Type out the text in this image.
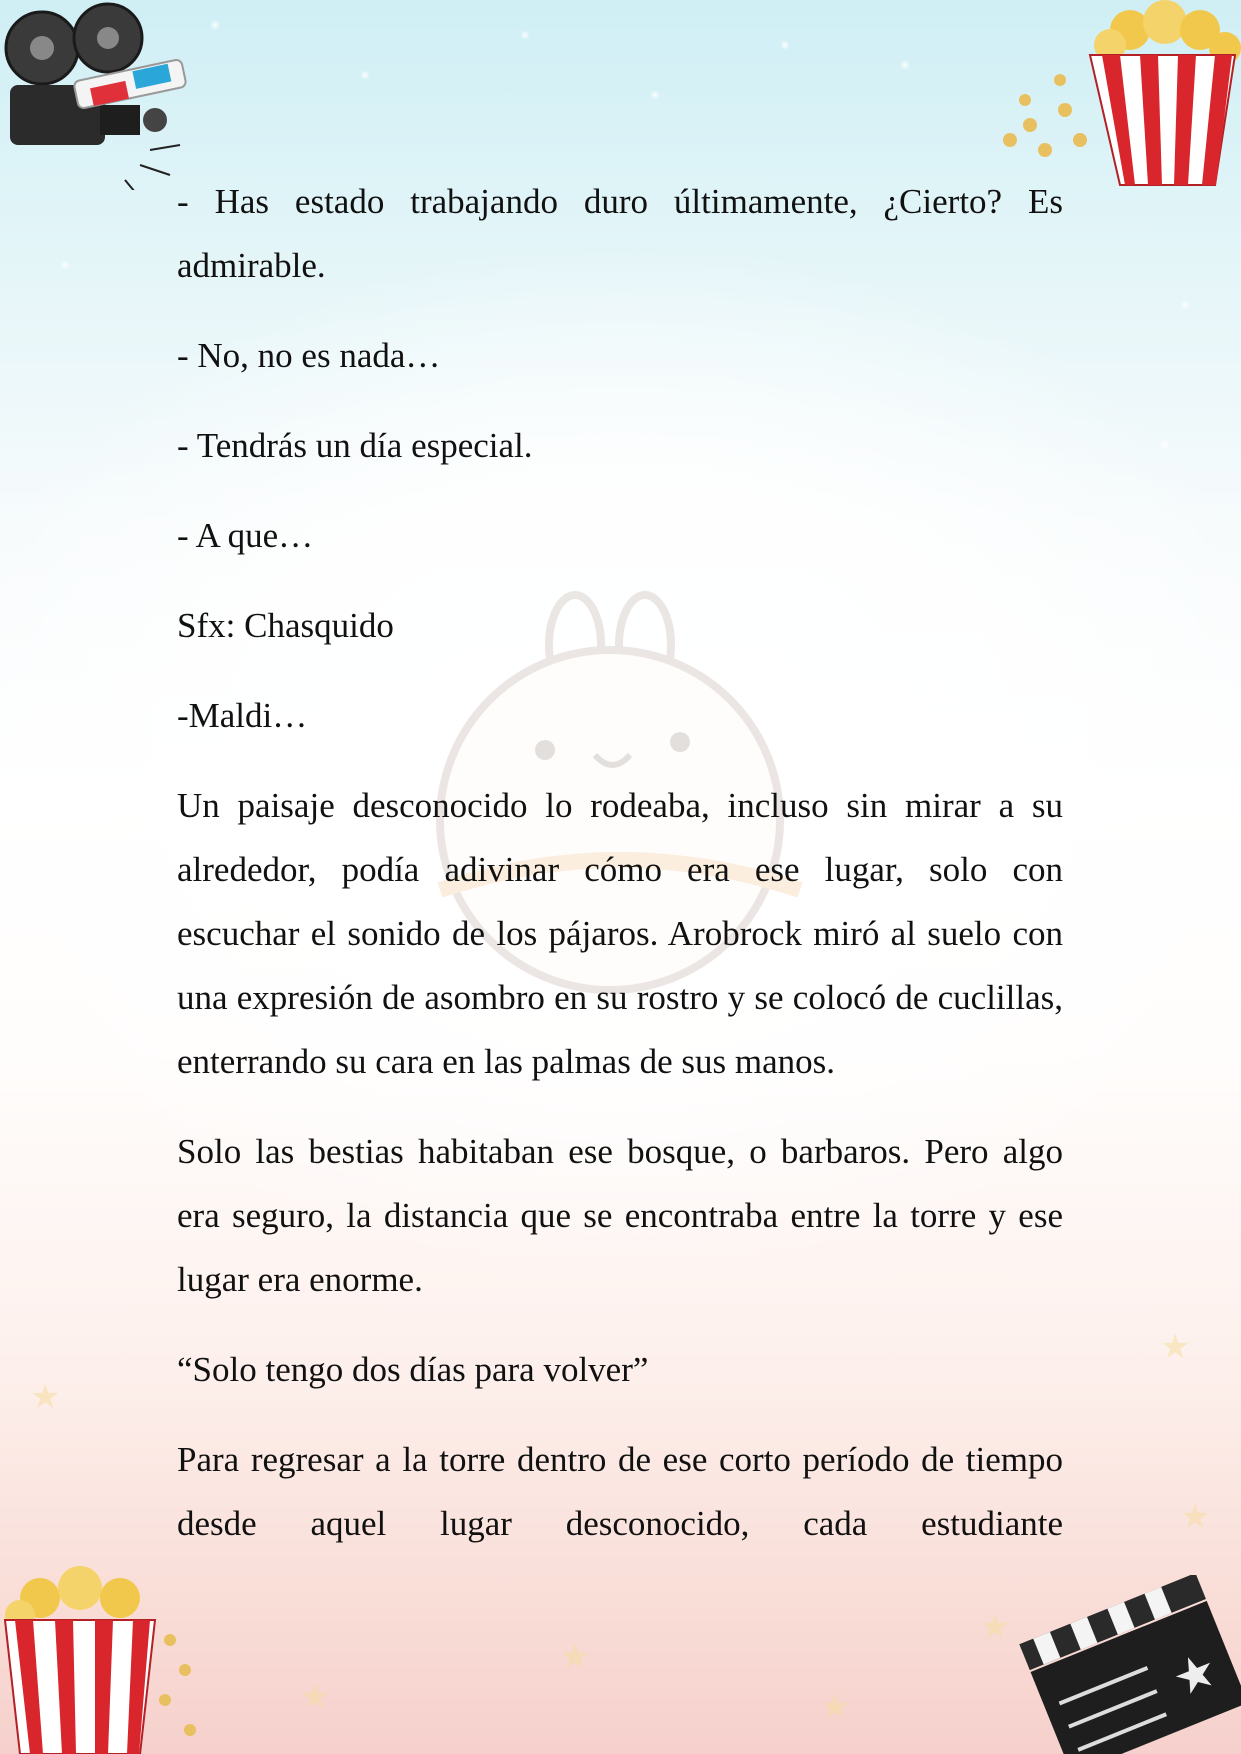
★
★
★
★
★
★
★
★

- Has estado trabajando duro últimamente, ¿Cierto? Es admirable.

- No, no es nada…

- Tendrás un día especial.

- A que…

Sfx: Chasquido

-Maldi…

Un paisaje desconocido lo rodeaba, incluso sin mirar a su alrededor, podía adivinar cómo era ese lugar, solo con escuchar el sonido de los pájaros. Arobrock miró al suelo con una expresión de asombro en su rostro y se colocó de cuclillas, enterrando su cara en las palmas de sus manos.

Solo las bestias habitaban ese bosque, o barbaros. Pero algo era seguro, la distancia que se encontraba entre la torre y ese lugar era enorme.

“Solo tengo dos días para volver”

Para regresar a la torre dentro de ese corto período de tiempo desde aquel lugar desconocido, cada estudiante
